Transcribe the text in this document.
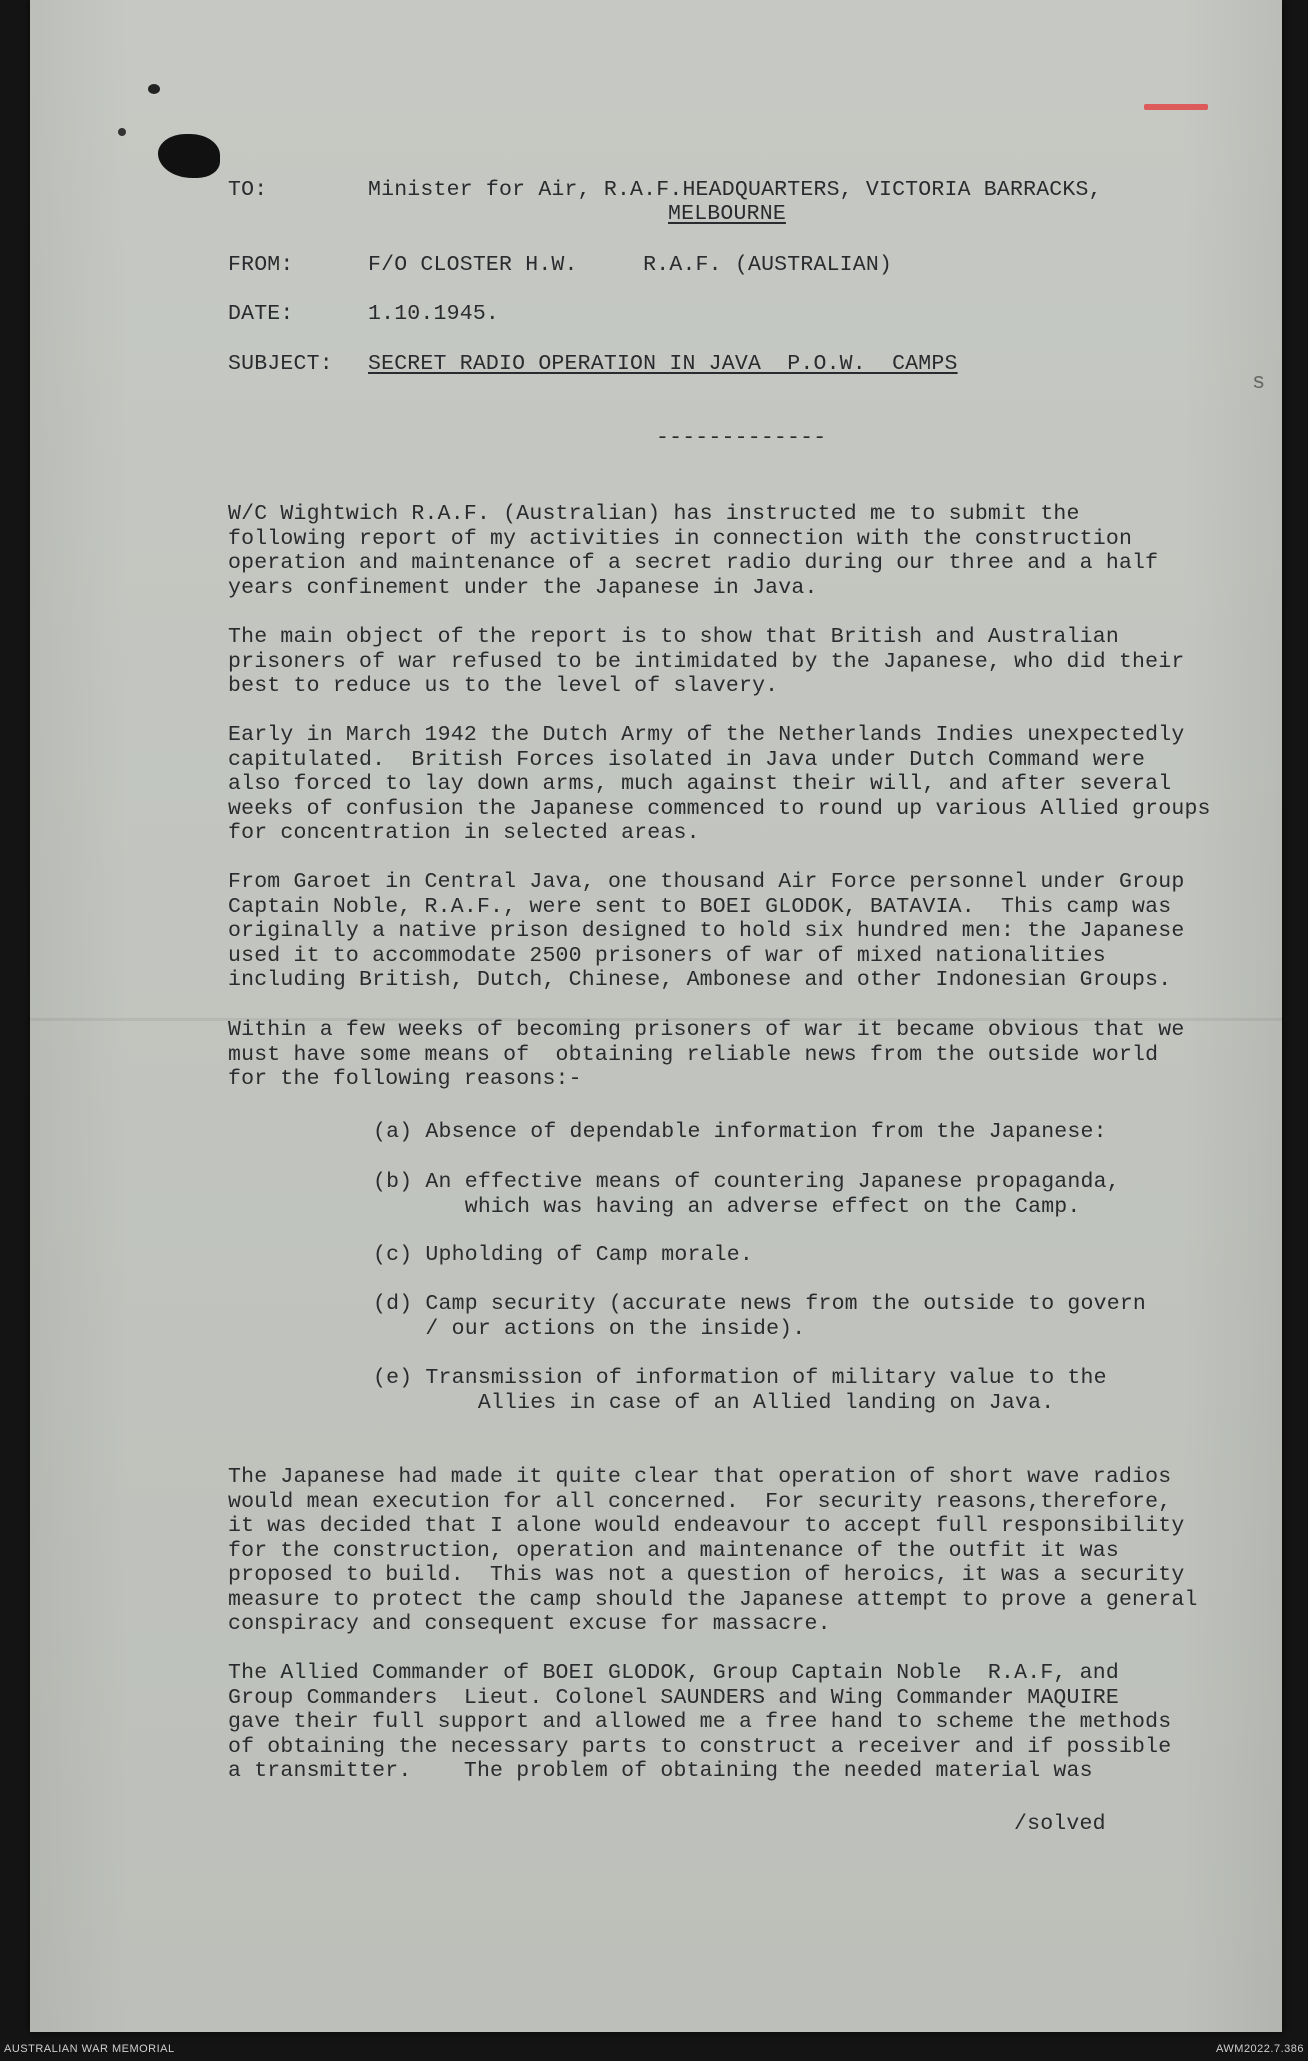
s
TO:	Minister for Air, R.A.F.HEADQUARTERS, VICTORIA BARRACKS,
MELBOURNE
FROM:	F/O CLOSTER H.W.     R.A.F. (AUSTRALIAN)
DATE:	1.10.1945.
SUBJECT: SECRET RADIO OPERATION IN JAVA  P.O.W.  CAMPS
-------------
W/C Wightwich R.A.F. (Australian) has instructed me to submit the
following report of my activities in connection with the construction
operation and maintenance of a secret radio during our three and a half
years confinement under the Japanese in Java.
The main object of the report is to show that British and Australian
prisoners of war refused to be intimidated by the Japanese, who did their
best to reduce us to the level of slavery.
Early in March 1942 the Dutch Army of the Netherlands Indies unexpectedly
capitulated.  British Forces isolated in Java under Dutch Command were
also forced to lay down arms, much against their will, and after several
weeks of confusion the Japanese commenced to round up various Allied groups
for concentration in selected areas.
From Garoet in Central Java, one thousand Air Force personnel under Group
Captain Noble, R.A.F., were sent to BOEI GLODOK, BATAVIA.  This camp was
originally a native prison designed to hold six hundred men: the Japanese
used it to accommodate 2500 prisoners of war of mixed nationalities
including British, Dutch, Chinese, Ambonese and other Indonesian Groups.
Within a few weeks of becoming prisoners of war it became obvious that we
must have some means of  obtaining reliable news from the outside world
for the following reasons:-
(a) Absence of dependable information from the Japanese:
(b) An effective means of countering Japanese propaganda,
which was having an adverse effect on the Camp.
(c) Upholding of Camp morale.
(d) Camp security (accurate news from the outside to govern
/ our actions on the inside).
(e) Transmission of information of military value to the
Allies in case of an Allied landing on Java.
The Japanese had made it quite clear that operation of short wave radios
would mean execution for all concerned.  For security reasons,therefore,
it was decided that I alone would endeavour to accept full responsibility
for the construction, operation and maintenance of the outfit it was
proposed to build.  This was not a question of heroics, it was a security
measure to protect the camp should the Japanese attempt to prove a general
conspiracy and consequent excuse for massacre.
The Allied Commander of BOEI GLODOK, Group Captain Noble  R.A.F, and
Group Commanders  Lieut. Colonel SAUNDERS and Wing Commander MAQUIRE
gave their full support and allowed me a free hand to scheme the methods
of obtaining the necessary parts to construct a receiver and if possible
a transmitter.    The problem of obtaining the needed material was
/solved
AUSTRALIAN WAR MEMORIAL	AWM2022.7.386
